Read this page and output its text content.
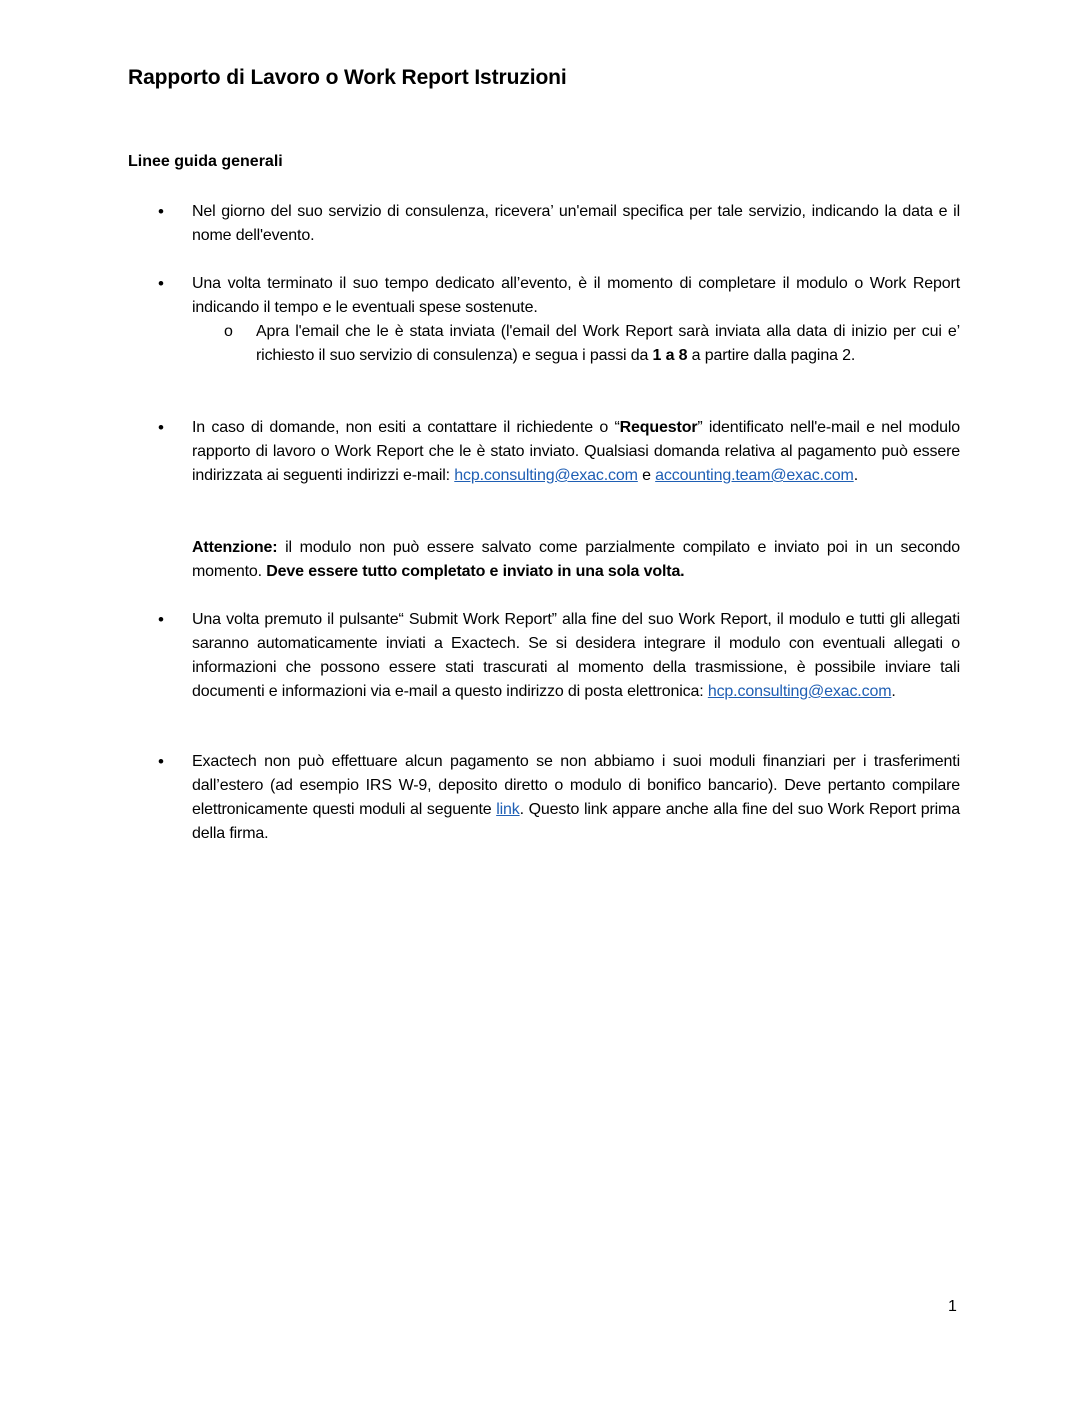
Rapporto di Lavoro o Work Report Istruzioni
Linee guida generali
• Nel giorno del suo servizio di consulenza, ricevera’ un'email specifica per tale servizio, indicando la data e il nome dell'evento.
• Una volta terminato il suo tempo dedicato all’evento, è il momento di completare il modulo o Work Report indicando il tempo e le eventuali spese sostenute.
o Apra l'email che le è stata inviata (l'email del Work Report sarà inviata alla data di inizio per cui e’ richiesto il suo servizio di consulenza) e segua i passi da 1 a 8 a partire dalla pagina 2.
• In caso di domande, non esiti a contattare il richiedente o “Requestor” identificato nell'e-mail e nel modulo rapporto di lavoro o Work Report che le è stato inviato. Qualsiasi domanda relativa al pagamento può essere indirizzata ai seguenti indirizzi e-mail: hcp.consulting@exac.com e accounting.team@exac.com.
Attenzione: il modulo non può essere salvato come parzialmente compilato e inviato poi in un secondo momento. Deve essere tutto completato e inviato in una sola volta.
• Una volta premuto il pulsante“ Submit Work Report” alla fine del suo Work Report, il modulo e tutti gli allegati saranno automaticamente inviati a Exactech. Se si desidera integrare il modulo con eventuali allegati o informazioni che possono essere stati trascurati al momento della trasmissione, è possibile inviare tali documenti e informazioni via e-mail a questo indirizzo di posta elettronica: hcp.consulting@exac.com.
• Exactech non può effettuare alcun pagamento se non abbiamo i suoi moduli finanziari per i trasferimenti dall’estero (ad esempio IRS W-9, deposito diretto o modulo di bonifico bancario). Deve pertanto compilare elettronicamente questi moduli al seguente link. Questo link appare anche alla fine del suo Work Report prima della firma.
1
